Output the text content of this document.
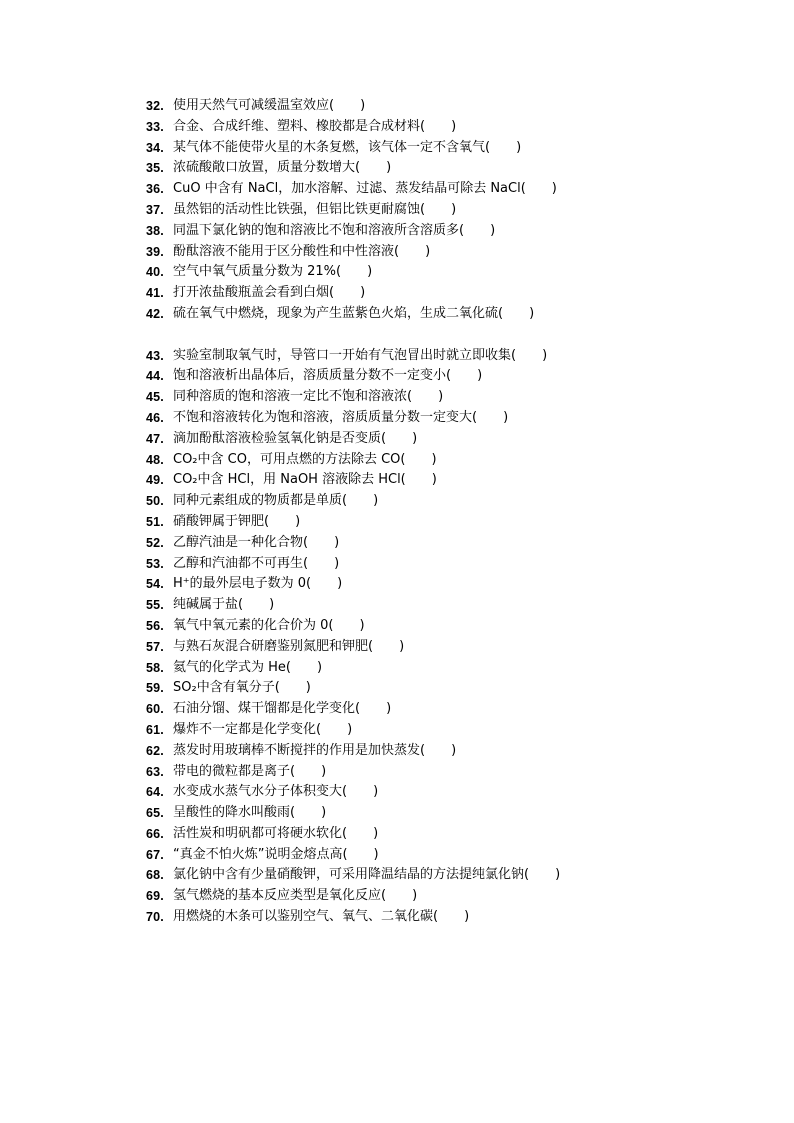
32. 使用天然气可减缓温室效应(　　)
33. 合金、合成纤维、塑料、橡胶都是合成材料(　　)
34. 某气体不能使带火星的木条复燃，该气体一定不含氧气(　　)
35. 浓硫酸敞口放置，质量分数增大(　　)
36. CuO 中含有 NaCl，加水溶解、过滤、蒸发结晶可除去 NaCl(　　)
37. 虽然铝的活动性比铁强，但铝比铁更耐腐蚀(　　)
38. 同温下氯化钠的饱和溶液比不饱和溶液所含溶质多(　　)
39. 酚酞溶液不能用于区分酸性和中性溶液(　　)
40. 空气中氧气质量分数为 21%(　　)
41. 打开浓盐酸瓶盖会看到白烟(　　)
42. 硫在氧气中燃烧，现象为产生蓝紫色火焰，生成二氧化硫(　　)
43. 实验室制取氧气时，导管口一开始有气泡冒出时就立即收集(　　)
44. 饱和溶液析出晶体后，溶质质量分数不一定变小(　　)
45. 同种溶质的饱和溶液一定比不饱和溶液浓(　　)
46. 不饱和溶液转化为饱和溶液，溶质质量分数一定变大(　　)
47. 滴加酚酞溶液检验氢氧化钠是否变质(　　)
48. CO₂中含 CO，可用点燃的方法除去 CO(　　)
49. CO₂中含 HCl，用 NaOH 溶液除去 HCl(　　)
50. 同种元素组成的物质都是单质(　　)
51. 硝酸钾属于钾肥(　　)
52. 乙醇汽油是一种化合物(　　)
53. 乙醇和汽油都不可再生(　　)
54. H⁺的最外层电子数为 0(　　)
55. 纯碱属于盐(　　)
56. 氧气中氧元素的化合价为 0(　　)
57. 与熟石灰混合研磨鉴别氮肥和钾肥(　　)
58. 氦气的化学式为 He(　　)
59. SO₂中含有氧分子(　　)
60. 石油分馏、煤干馏都是化学变化(　　)
61. 爆炸不一定都是化学变化(　　)
62. 蒸发时用玻璃棒不断搅拌的作用是加快蒸发(　　)
63. 带电的微粒都是离子(　　)
64. 水变成水蒸气水分子体积变大(　　)
65. 呈酸性的降水叫酸雨(　　)
66. 活性炭和明矾都可将硬水软化(　　)
67. “真金不怕火炼”说明金熔点高(　　)
68. 氯化钠中含有少量硝酸钾，可采用降温结晶的方法提纯氯化钠(　　)
69. 氢气燃烧的基本反应类型是氧化反应(　　)
70. 用燃烧的木条可以鉴别空气、氧气、二氧化碳(　　)
